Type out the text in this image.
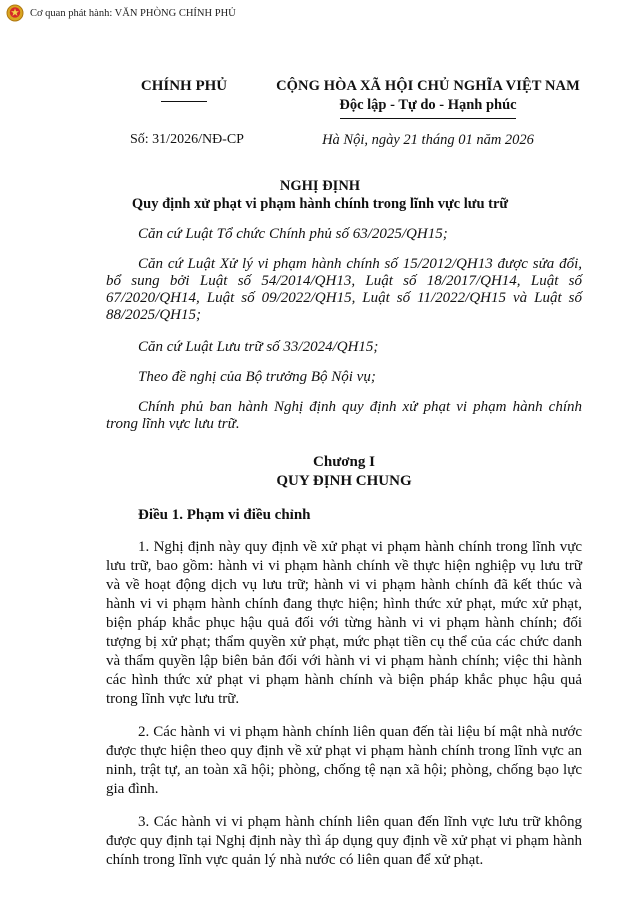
Cơ quan phát hành: VĂN PHÒNG CHÍNH PHỦ
CHÍNH PHỦ	CỘNG HÒA XÃ HỘI CHỦ NGHĨA VIỆT NAM
Độc lập - Tự do - Hạnh phúc
Số: 31/2026/NĐ-CP	Hà Nội, ngày 21 tháng 01 năm 2026
NGHỊ ĐỊNH
Quy định xử phạt vi phạm hành chính trong lĩnh vực lưu trữ

Căn cứ Luật Tổ chức Chính phủ số 63/2025/QH15;

Căn cứ Luật Xử lý vi phạm hành chính số 15/2012/QH13 được sửa đổi, bổ sung bởi Luật số 54/2014/QH13, Luật số 18/2017/QH14, Luật số 67/2020/QH14, Luật số 09/2022/QH15, Luật số 11/2022/QH15 và Luật số 88/2025/QH15;

Căn cứ Luật Lưu trữ số 33/2024/QH15;

Theo đề nghị của Bộ trưởng Bộ Nội vụ;

Chính phủ ban hành Nghị định quy định xử phạt vi phạm hành chính trong lĩnh vực lưu trữ.

Chương I
QUY ĐỊNH CHUNG
Điều 1. Phạm vi điều chỉnh

1. Nghị định này quy định về xử phạt vi phạm hành chính trong lĩnh vực lưu trữ, bao gồm: hành vi vi phạm hành chính về thực hiện nghiệp vụ lưu trữ và về hoạt động dịch vụ lưu trữ; hành vi vi phạm hành chính đã kết thúc và hành vi vi phạm hành chính đang thực hiện; hình thức xử phạt, mức xử phạt, biện pháp khắc phục hậu quả đối với từng hành vi vi phạm hành chính; đối tượng bị xử phạt; thẩm quyền xử phạt, mức phạt tiền cụ thể của các chức danh và thẩm quyền lập biên bản đối với hành vi vi phạm hành chính; việc thi hành các hình thức xử phạt vi phạm hành chính và biện pháp khắc phục hậu quả trong lĩnh vực lưu trữ.

2. Các hành vi vi phạm hành chính liên quan đến tài liệu bí mật nhà nước được thực hiện theo quy định về xử phạt vi phạm hành chính trong lĩnh vực an ninh, trật tự, an toàn xã hội; phòng, chống tệ nạn xã hội; phòng, chống bạo lực gia đình.

3. Các hành vi vi phạm hành chính liên quan đến lĩnh vực lưu trữ không được quy định tại Nghị định này thì áp dụng quy định về xử phạt vi phạm hành chính trong lĩnh vực quản lý nhà nước có liên quan để xử phạt.
